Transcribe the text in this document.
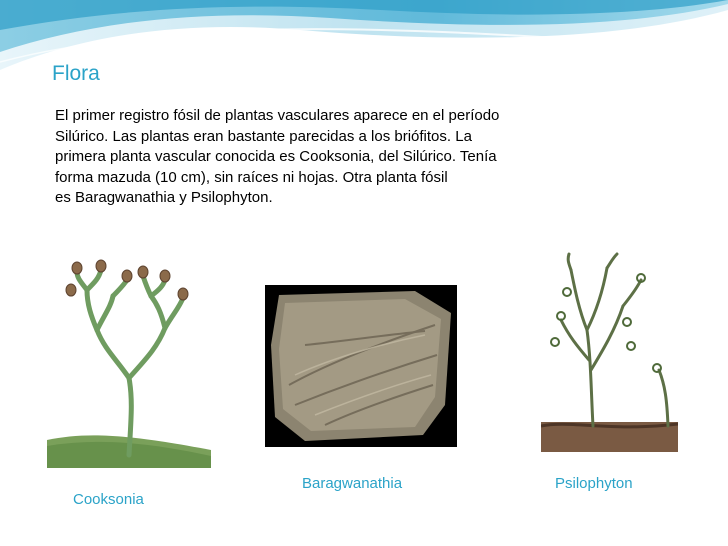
Flora
El primer registro fósil de plantas vasculares aparece en el período
Silúrico. Las plantas eran bastante parecidas a los briófitos. La
primera planta vascular conocida es Cooksonia, del Silúrico. Tenía
forma mazuda (10 cm), sin raíces ni hojas. Otra planta fósil
es Baragwanathia y Psilophyton.
Baragwanathia	Psilophyton
Cooksonia
